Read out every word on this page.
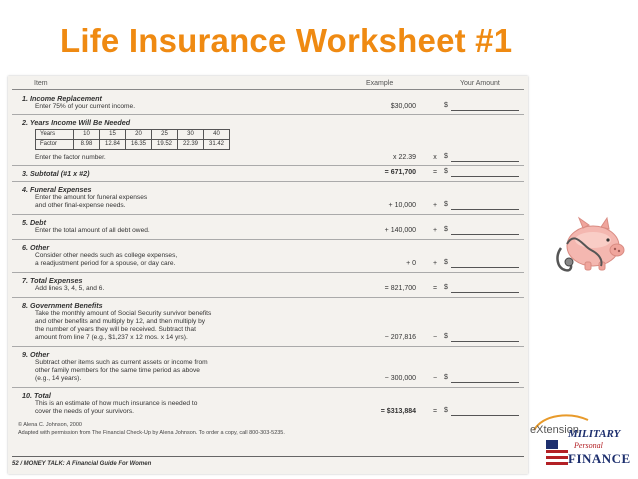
Life Insurance Worksheet #1
Item	Example	Your Amount
1. Income Replacement
Enter 75% of your current income.	$30,000	$
2. Years Income Will Be Needed
Years	10	15	20	25	30	40
Factor	8.98	12.84	16.35	19.52	22.39	31.42
Enter the factor number.	x 22.39	x	$
3. Subtotal (#1 x #2)	= 671,700	= $
4. Funeral Expenses
Enter the amount for funeral expenses
and other final-expense needs.	+ 10,000	+ $
5. Debt
Enter the total amount of all debt owed.	+ 140,000	+ $
6. Other
Consider other needs such as college expenses,
a readjustment period for a spouse, or day care.	+ 0	+ $
7. Total Expenses
Add lines 3, 4, 5, and 6.	= 821,700	= $
8. Government Benefits
Take the monthly amount of Social Security survivor benefits
and other benefits and multiply by 12, and then multiply by
the number of years they will be received. Subtract that
amount from line 7 (e.g., $1,237 x 12 mos. x 14 yrs).	− 207,816	− $
9. Other
Subtract other items such as current assets or income from
other family members for the same time period as above
(e.g., 14 years).	− 300,000	− $
10. Total
This is an estimate of how much insurance is needed to
cover the needs of your survivors.	= $313,884	= $
© Alena C. Johnson, 2000
Adapted with permission from The Financial Check-Up by Alena Johnson. To order a copy, call 800-303-5235.
52 / MONEY TALK: A Financial Guide For Women
eXtension
MILITARY
Personal
FINANCE
